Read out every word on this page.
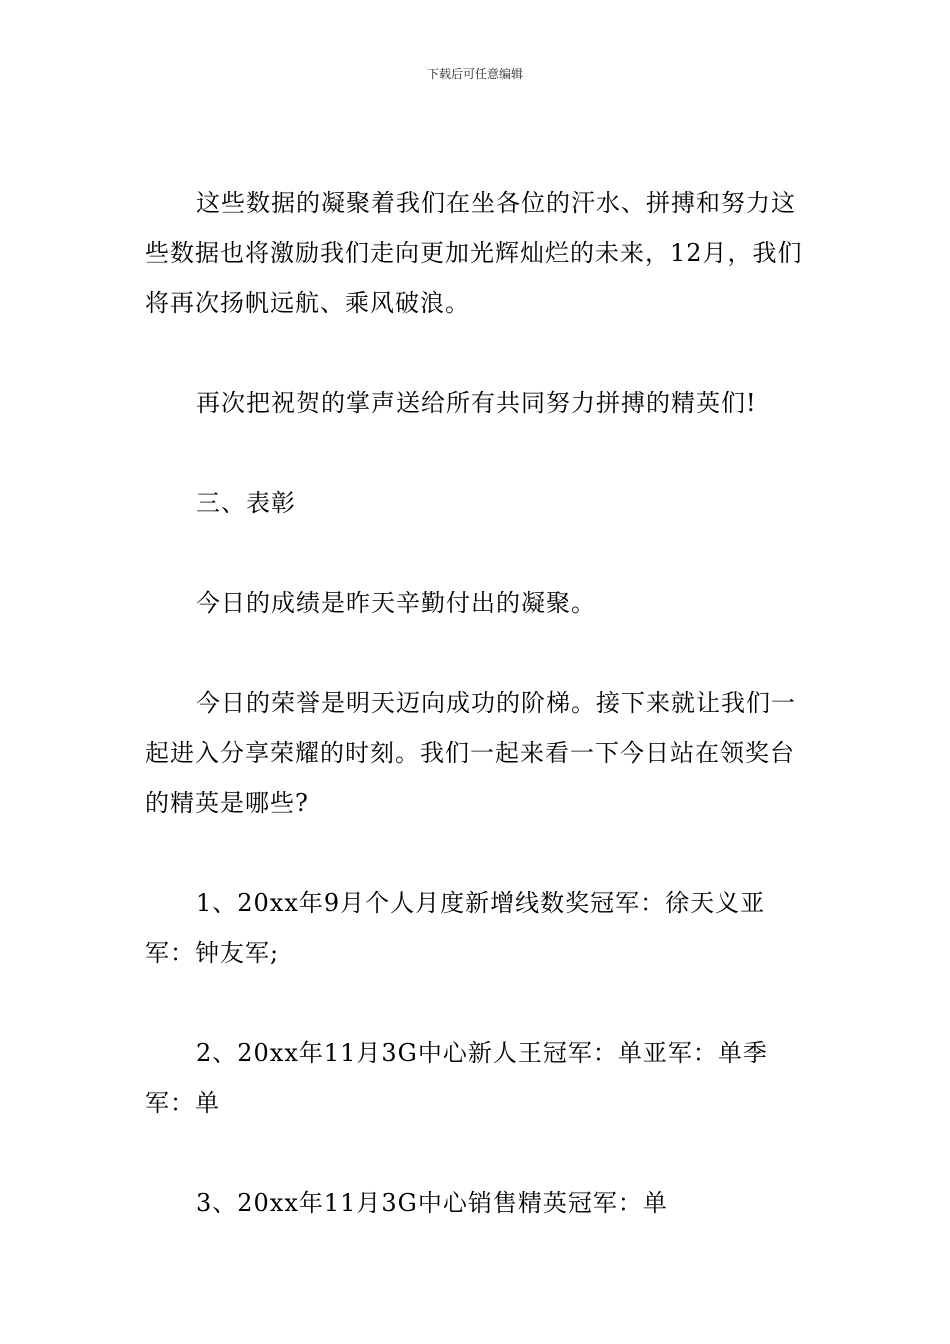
下载后可任意编辑

这些数据的凝聚着我们在坐各位的汗水、拼搏和努力这些数据也将激励我们走向更加光辉灿烂的未来，12月，我们将再次扬帆远航、乘风破浪。

再次把祝贺的掌声送给所有共同努力拼搏的精英们!

三、表彰

今日的成绩是昨天辛勤付出的凝聚。

今日的荣誉是明天迈向成功的阶梯。接下来就让我们一起进入分享荣耀的时刻。我们一起来看一下今日站在领奖台的精英是哪些?

1、20xx年9月个人月度新增线数奖冠军：徐天义亚军：钟友军;

2、20xx年11月3G中心新人王冠军：单亚军：单季军：单

3、20xx年11月3G中心销售精英冠军：单
